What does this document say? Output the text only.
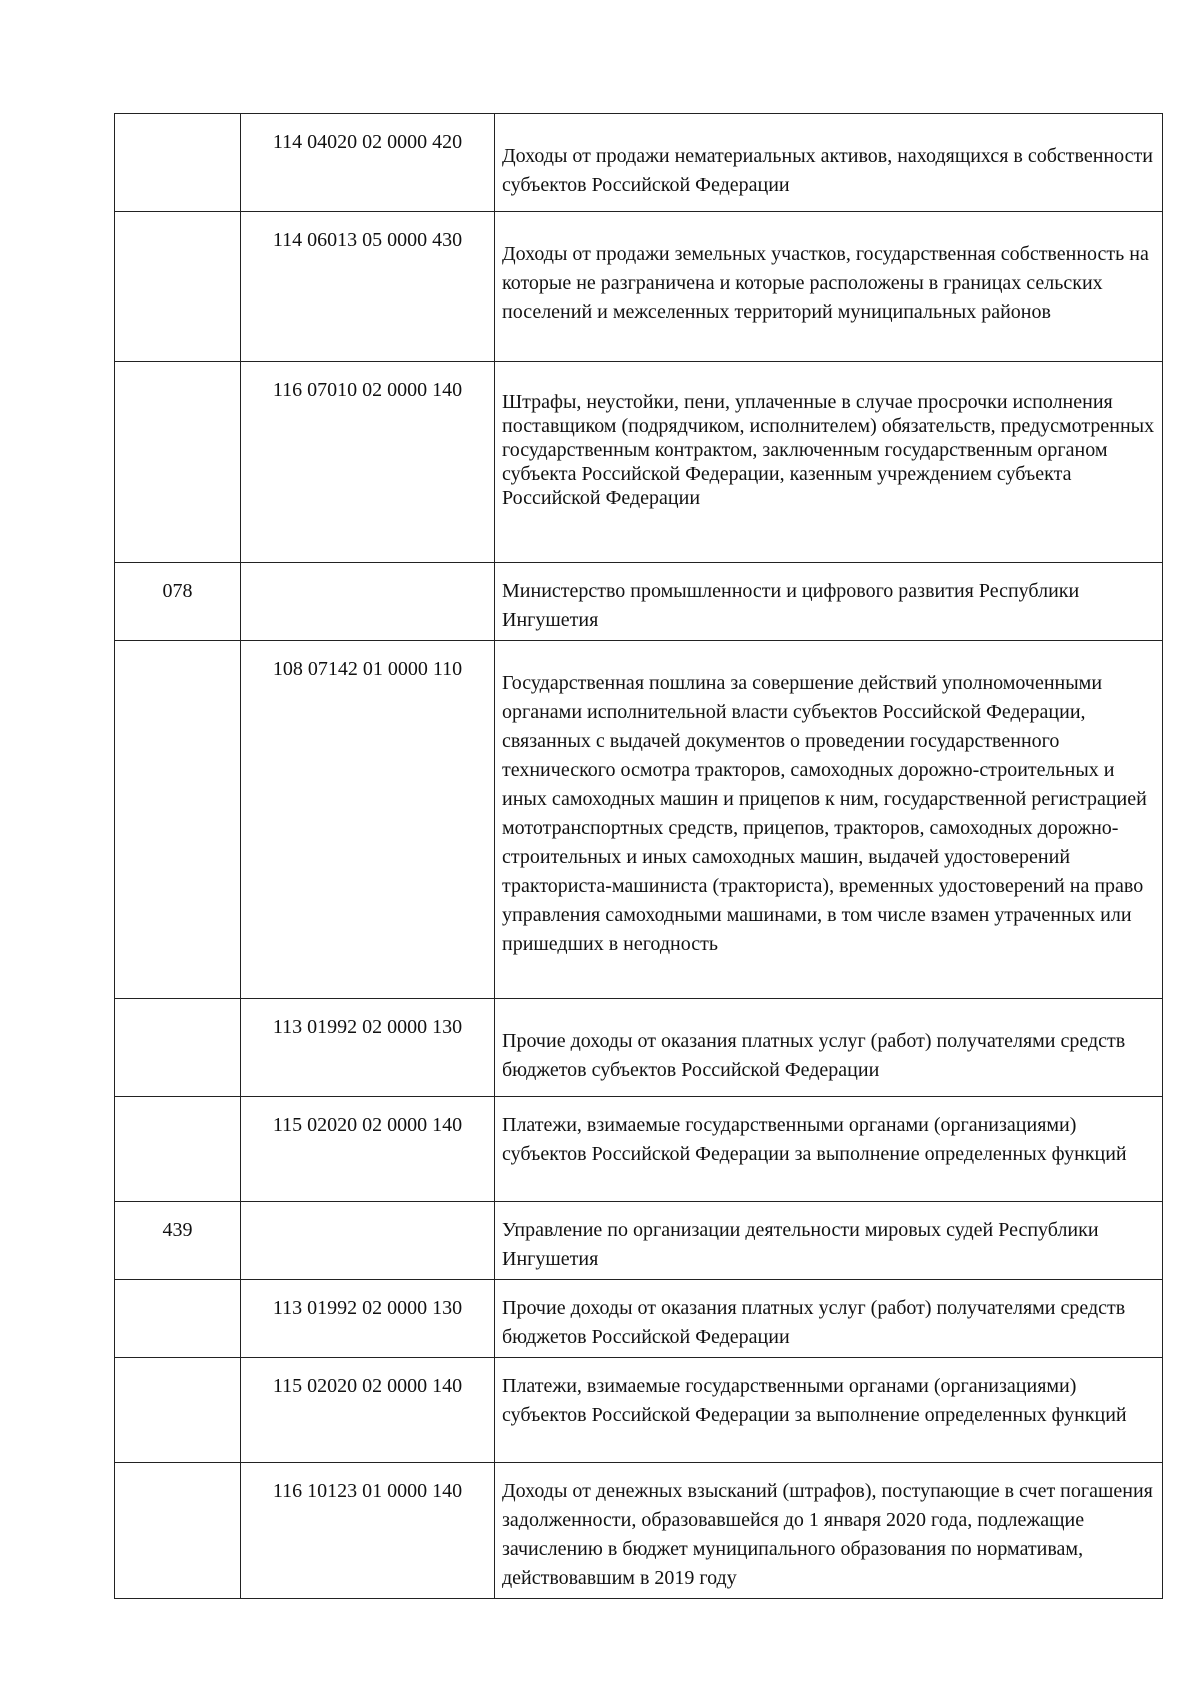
	114 04020 02 0000 420	Доходы от продажи нематериальных активов, находящихся в собственности субъектов Российской Федерации
	114 06013 05 0000 430	Доходы от продажи земельных участков, государственная собственность на которые не разграничена и которые расположены в границах сельских поселений и межселенных территорий муниципальных районов
	116 07010 02 0000 140	Штрафы, неустойки, пени, уплаченные в случае просрочки исполнения поставщиком (подрядчиком, исполнителем) обязательств, предусмотренных государственным контрактом, заключенным государственным органом субъекта Российской Федерации, казенным учреждением субъекта Российской Федерации
078		Министерство промышленности и цифрового развития Республики Ингушетия
	108 07142 01 0000 110	Государственная пошлина за совершение действий уполномоченными органами исполнительной власти субъектов Российской Федерации, связанных с выдачей документов о проведении государственного технического осмотра тракторов, самоходных дорожно-строительных и иных самоходных машин и прицепов к ним, государственной регистрацией мототранспортных средств, прицепов, тракторов, самоходных дорожно-строительных и иных самоходных машин, выдачей удостоверений тракториста-машиниста (тракториста), временных удостоверений на право управления самоходными машинами, в том числе взамен утраченных или пришедших в негодность
	113 01992 02 0000 130	Прочие доходы от оказания платных услуг (работ) получателями средств бюджетов субъектов Российской Федерации
	115 02020 02 0000 140	Платежи, взимаемые государственными органами (организациями) субъектов Российской Федерации за выполнение определенных функций
439		Управление по организации деятельности мировых судей Республики Ингушетия
	113 01992 02 0000 130	Прочие доходы от оказания платных услуг (работ) получателями средств бюджетов Российской Федерации
	115 02020 02 0000 140	Платежи, взимаемые государственными органами (организациями) субъектов Российской Федерации за выполнение определенных функций
	116 10123 01 0000 140	Доходы от денежных взысканий (штрафов), поступающие в счет погашения задолженности, образовавшейся до 1 января 2020 года, подлежащие зачислению в бюджет муниципального образования по нормативам, действовавшим в 2019 году
